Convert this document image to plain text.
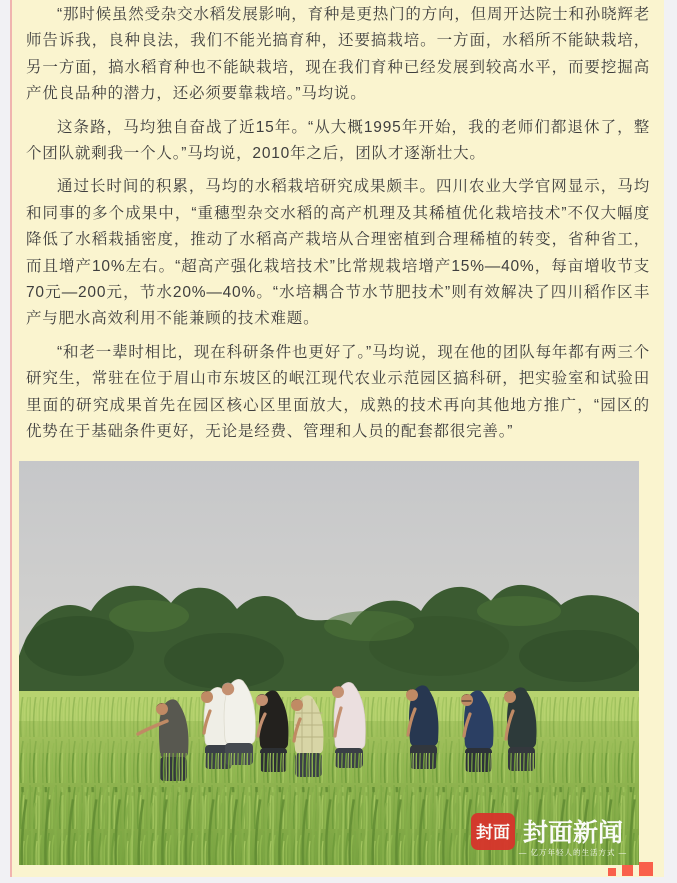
“那时候虽然受杂交水稻发展影响，育种是更热门的方向，但周开达院士和孙晓辉老师告诉我，良种良法，我们不能光搞育种，还要搞栽培。一方面，水稻所不能缺栽培，另一方面，搞水稻育种也不能缺栽培，现在我们育种已经发展到较高水平，而要挖掘高产优良品种的潜力，还必须要靠栽培。”马均说。

这条路，马均独自奋战了近15年。“从大概1995年开始，我的老师们都退休了，整个团队就剩我一个人。”马均说，2010年之后，团队才逐渐壮大。

通过长时间的积累，马均的水稻栽培研究成果颇丰。四川农业大学官网显示，马均和同事的多个成果中，“重穗型杂交水稻的高产机理及其稀植优化栽培技术”不仅大幅度降低了水稻栽插密度，推动了水稻高产栽培从合理密植到合理稀植的转变，省种省工，而且增产10%左右。“超高产强化栽培技术”比常规栽培增产15%—40%，每亩增收节支70元—200元，节水20%—40%。“水培耦合节水节肥技术”则有效解决了四川稻作区丰产与肥水高效利用不能兼顾的技术难题。

“和老一辈时相比，现在科研条件也更好了。”马均说，现在他的团队每年都有两三个研究生，常驻在位于眉山市东坡区的岷江现代农业示范园区搞科研，把实验室和试验田里面的研究成果首先在园区核心区里面放大，成熟的技术再向其他地方推广，“园区的优势在于基础条件更好，无论是经费、管理和人员的配套都很完善。”

封面 封面新闻
— 亿万年轻人的生活方式 —
